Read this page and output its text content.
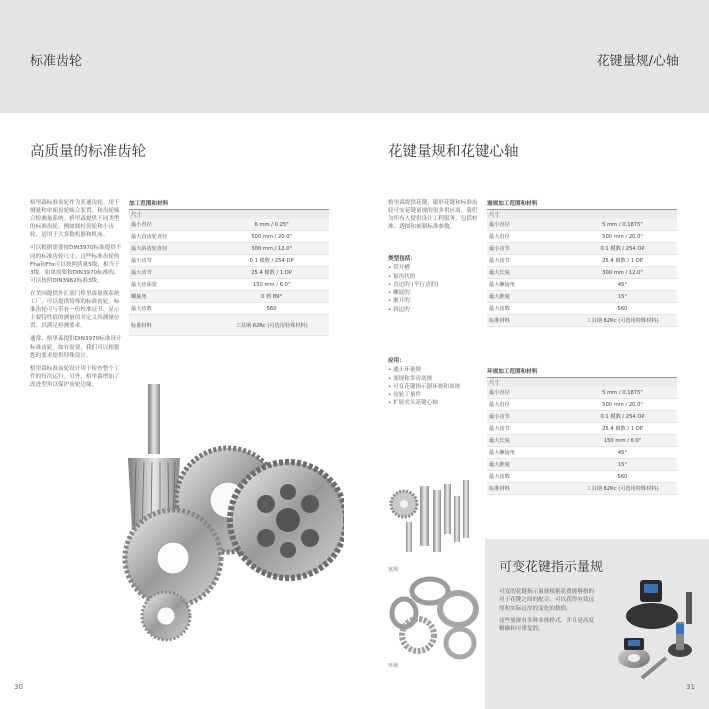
标准齿轮	花键量规/心轴
高质量的标准齿轮

格里森标准齿轮作为普通齿轮、用于测量和单面齿轮啮合装置、和齿轮啮合检测量系统。格里森提供不同类型的标准齿轮、例如圆柱齿轮和小齿轮、适用于大多数机器和机床。

可以根据需要按DIN3970标准提供不同的标准齿轮尺寸。这些标准齿轮的Fha和Ffα可以按照质量5级、相当于3级。如果需要按DIN3970标准的、可以按照DIN3962标准3级。

在美国提供外汇部门格里森量规系统工厂、可以提供特殊的标准齿轮。标准齿轮可与带有一份校准证书、显示主要特性值的测量值并定义其测量位置、以满足检测要求。

通常、格里森提供DIN3970标准设计标准齿轮。如有需要、我们可以根据您的要求提供特殊设计。

格里森标准齿轮设计用于检查整个工件的每次运行。另外、格里森增加了改进型角以保护齿轮边缘。

加工范围和材料
尺寸
最小直径	6 mm / 0.25"
最大直齿轮直径	500 mm / 20.0"
最大斜齿轮直径	300 mm / 12.0"
最小齿节	0.1 模数 / 254 DP
最大齿节	25.4 模数 / 1 DP
最大齿面宽	150 mm / 6.0"
螺旋角	0 到 89°
最大齿数	560
标准材料	工具钢 62Rc (可选用特殊材料)
30
花键量规和花键心轴

格里森提供花键、锯形花键和标准齿轮可安花键量规的很多供应商。我们为所有人提供设计工程服务、包括校准、透图和刻制标准参数。

类型包括：
• 带开槽
• 锯齿状的
• 直边的 (平行边的)
• 螺旋的
• 渐开的
• 斜边的
应用：
• 通止环量规
• 塞规和多齿塞规
• 可变花键指示器环规和塞规
• 齿轮工量件
• 扩展夹头花键心轴
塞规加工范围和材料
尺寸
最小直径	5 mm / 0.1875"
最大直径	500 mm / 20.0"
最小齿节	0.1 模数 / 254 DP
最大齿节	25.4 模数 / 1 DP
最大长度	300 mm / 12.0"
最大螺旋角	45°
最大锥度	15°
最大齿数	560
标准材料	工具钢 62Rc (可选用特殊材料)
环规加工范围和材料
尺寸
最小直径	5 mm / 0.1875"
最大直径	500 mm / 20.0"
最小齿节	0.1 模数 / 254 DP
最大齿节	25.4 模数 / 1 DP
最大长度	150 mm / 6.0"
最大螺旋角	45°
最大锥度	15°
最大齿数	560
标准材料	工具钢 62Rc (可选用特殊材料)
塞规
环规
可变花键指示量规

可变的花键指示量规根据花费能够指的对于花键之间的配合。可以获得有效远厚和实际远厚的变化的数值。

这些量规有多种本体样式、并且是高度精确和可重复的。

31
